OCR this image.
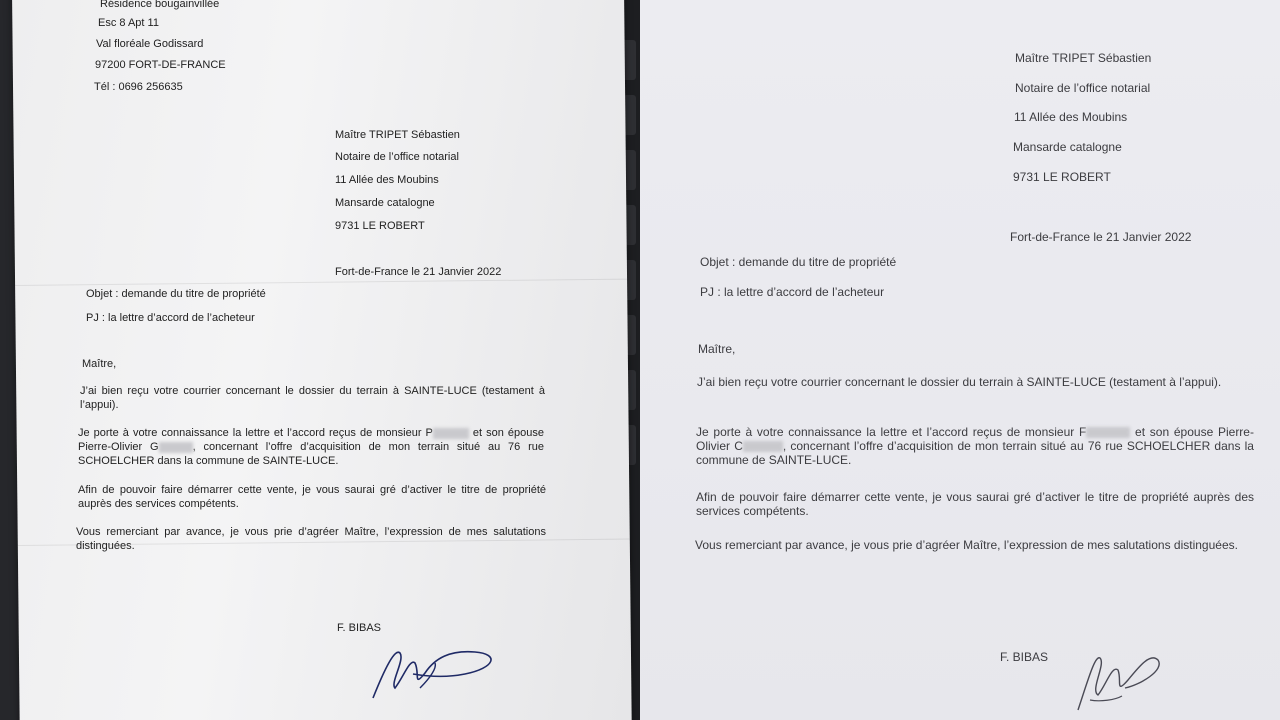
Résidence bougainvillée
Esc 8 Apt 11
Val floréale Godissard
97200 FORT-DE-FRANCE
Tél : 0696 256635
Maître TRIPET Sébastien
Notaire de l’office notarial
11 Allée des Moubins
Mansarde catalogne
9731 LE ROBERT
Fort-de-France le 21 Janvier 2022
Objet : demande du titre de propriété
PJ : la lettre d’accord de l’acheteur
Maître,
J’ai bien reçu votre courrier concernant le dossier du terrain à SAINTE-LUCE (testament à l’appui).
Je porte à votre connaissance la lettre et l’accord reçus de monsieur P	et son épouse Pierre-Olivier G	, concernant l’offre d’acquisition de mon terrain situé au 76 rue SCHOELCHER dans la commune de SAINTE-LUCE.
Afin de pouvoir faire démarrer cette vente, je vous saurai gré d’activer le titre de propriété auprès des services compétents.
Vous remerciant par avance, je vous prie d’agréer Maître, l’expression de mes salutations distinguées.
F. BIBAS
Maître TRIPET Sébastien
Notaire de l’office notarial
11 Allée des Moubins
Mansarde catalogne
9731 LE ROBERT
Fort-de-France le 21 Janvier 2022
Objet : demande du titre de propriété
PJ : la lettre d’accord de l’acheteur
Maître,
J’ai bien reçu votre courrier concernant le dossier du terrain à SAINTE-LUCE (testament à l’appui).
Je porte à votre connaissance la lettre et l’accord reçus de monsieur F	et son épouse Pierre-Olivier C	, concernant l’offre d’acquisition de mon terrain situé au 76 rue SCHOELCHER dans la commune de SAINTE-LUCE.
Afin de pouvoir faire démarrer cette vente, je vous saurai gré d’activer le titre de propriété auprès des services compétents.
Vous remerciant par avance, je vous prie d’agréer Maître, l’expression de mes salutations distinguées.
F. BIBAS
